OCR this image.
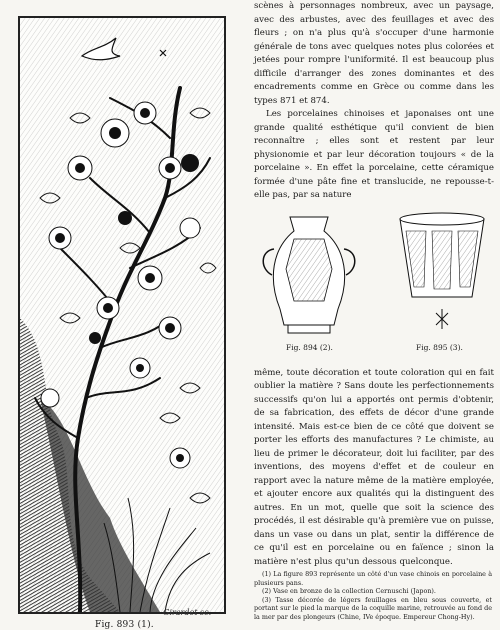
Fig. 893 (1).
Girardet sc.

scènes à personnages nombreux, avec un paysage, avec des arbustes, avec des feuillages et avec des fleurs ; on n'a plus qu'à s'occuper d'une harmonie générale de tons avec quelques notes plus colorées et jetées pour rompre l'uniformité. Il est beaucoup plus difficile d'arranger des zones dominantes et des encadrements comme en Grèce ou comme dans les types 871 et 874.

Les porcelaines chinoises et japonaises ont une grande qualité esthétique qu'il convient de bien reconnaître ; elles sont et restent par leur physionomie et par leur décoration toujours « de la porcelaine ». En effet la porcelaine, cette céramique formée d'une pâte fine et translucide, ne repousse-t-elle pas, par sa nature

Fig. 894 (2).	Fig. 895 (3).

même, toute décoration et toute coloration qui en fait oublier la matière ? Sans doute les perfectionnements successifs qu'on lui a apportés ont permis d'obtenir, de sa fabrication, des effets de décor d'une grande intensité. Mais est-ce bien de ce côté que doivent se porter les efforts des manufactures ? Le chimiste, au lieu de primer le décorateur, doit lui faciliter, par des inventions, des moyens d'effet et de couleur en rapport avec la nature même de la matière employée, et ajouter encore aux qualités qui la distinguent des autres. En un mot, quelle que soit la science des procédés, il est désirable qu'à première vue on puisse, dans un vase ou dans un plat, sentir la différence de ce qu'il est en porcelaine ou en faïence ; sinon la matière n'est plus qu'un dessous quelconque.

(1) La figure 893 représente un côté d'un vase chinois en porcelaine à plusieurs pans.

(2) Vase en bronze de la collection Cernuschi (Japon).

(3) Tasse décorée de légers feuillages en bleu sous couverte, et portant sur le pied la marque de la coquille marine, retrouvée au fond de la mer par des plongeurs (Chine, IVe époque. Empereur Chong-Hy).
